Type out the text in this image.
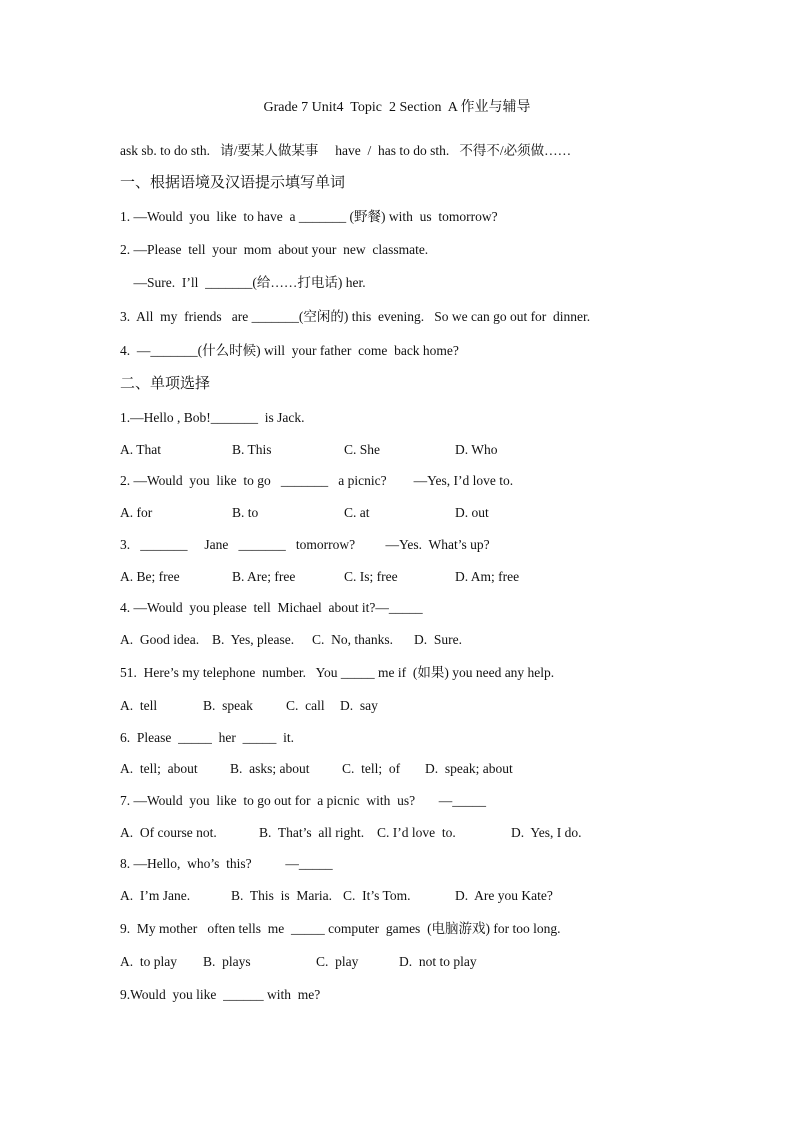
Grade 7 Unit4  Topic  2 Section  A 作业与辅导
ask sb. to do sth.   请/要某人做某事     have  /  has to do sth.   不得不/必须做……
一、根据语境及汉语提示填写单词
1. —Would  you  like  to have  a _______ (野餐) with  us  tomorrow?
2. —Please  tell  your  mom  about your  new  classmate.
—Sure.  I’ll  _______(给……打电话) her.
3.  All  my  friends   are _______(空闲的) this  evening.   So we can go out for  dinner.
4.  —_______(什么时候) will  your father  come  back home?
二、单项选择
1.—Hello , Bob!_______  is Jack.
A. That	B. This	C. She	D. Who
2. —Would  you  like  to go   _______   a picnic?        —Yes, I’d love to.
A. for	B. to	C. at	D. out
3.   _______     Jane   _______   tomorrow?         —Yes.  What’s up?
A. Be; free	B. Are; free	C. Is; free	D. Am; free
4. —Would  you please  tell  Michael  about it?—_____
A.  Good idea. B.  Yes, please. C.  No, thanks. D.  Sure.
51.  Here’s my telephone  number.   You _____ me if  (如果) you need any help.
A.  tell	B.  speak C.  call D.  say
6.  Please  _____  her  _____  it.
A.  tell;  about B.  asks; about C.  tell;  of D.  speak; about
7. —Would  you  like  to go out for  a picnic  with  us?       —_____
A.  Of course not.	B.  That’s  all right. C. I’d love  to.	D.  Yes, I do.
8. —Hello,  who’s  this?          —_____
A.  I’m Jane.	B.  This  is  Maria. C.  It’s Tom.	D.  Are you Kate?
9.  My mother   often tells  me  _____ computer  games  (电脑游戏) for too long.
A.  to play B.  plays	C.  play	D.  not to play
9.Would  you like  ______ with  me?
